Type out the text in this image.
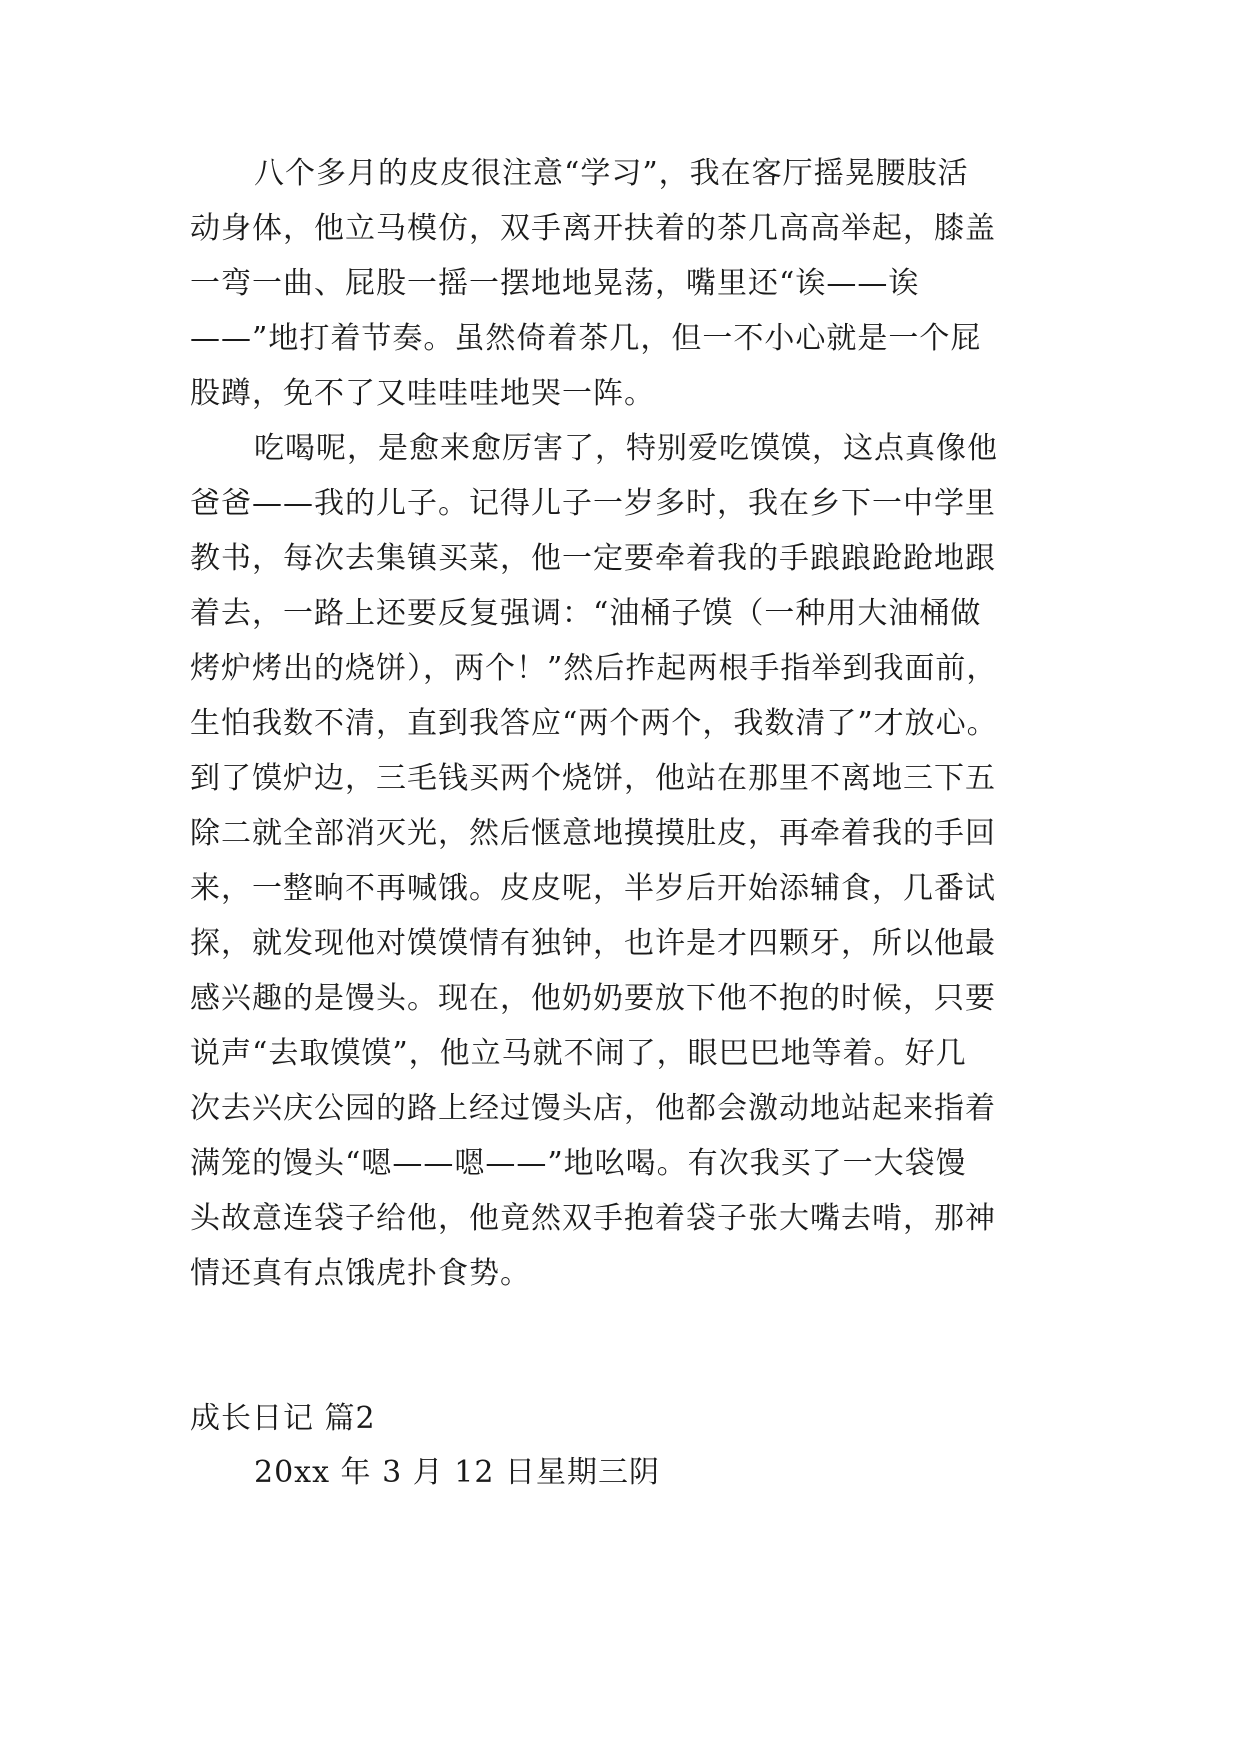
八个多月的皮皮很注意“学习”，我在客厅摇晃腰肢活
动身体，他立马模仿，双手离开扶着的茶几高高举起，膝盖
一弯一曲、屁股一摇一摆地地晃荡，嘴里还“诶——诶
——”地打着节奏。虽然倚着茶几，但一不小心就是一个屁
股蹲，免不了又哇哇哇地哭一阵。
吃喝呢，是愈来愈厉害了，特别爱吃馍馍，这点真像他
爸爸——我的儿子。记得儿子一岁多时，我在乡下一中学里
教书，每次去集镇买菜，他一定要牵着我的手踉踉跄跄地跟
着去，一路上还要反复强调：“油桶子馍（一种用大油桶做
烤炉烤出的烧饼），两个！”然后拃起两根手指举到我面前，
生怕我数不清，直到我答应“两个两个，我数清了”才放心。
到了馍炉边，三毛钱买两个烧饼，他站在那里不离地三下五
除二就全部消灭光，然后惬意地摸摸肚皮，再牵着我的手回
来，一整晌不再喊饿。皮皮呢，半岁后开始添辅食，几番试
探，就发现他对馍馍情有独钟，也许是才四颗牙，所以他最
感兴趣的是馒头。现在，他奶奶要放下他不抱的时候，只要
说声“去取馍馍”，他立马就不闹了，眼巴巴地等着。好几
次去兴庆公园的路上经过馒头店，他都会激动地站起来指着
满笼的馒头“嗯——嗯——”地吆喝。有次我买了一大袋馒
头故意连袋子给他，他竟然双手抱着袋子张大嘴去啃，那神
情还真有点饿虎扑食势。
成长日记 篇2
20xx 年 3 月 12 日星期三阴
